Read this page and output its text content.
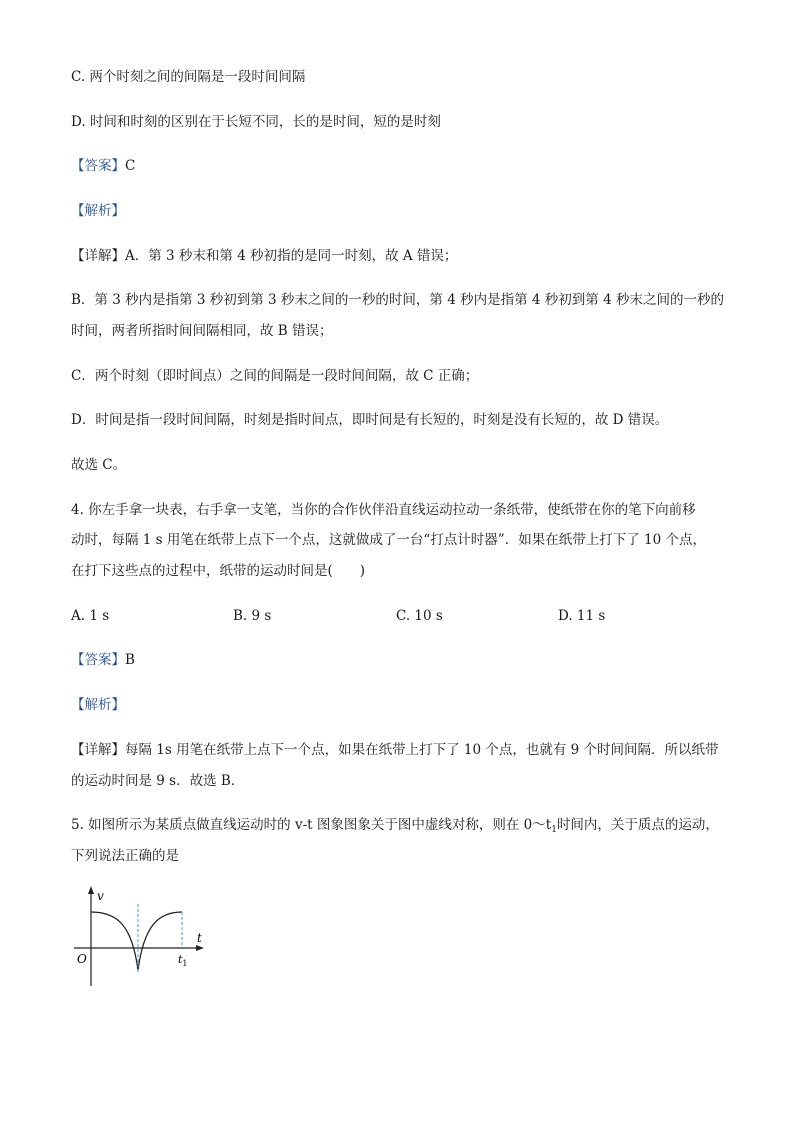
C. 两个时刻之间的间隔是一段时间间隔
D. 时间和时刻的区别在于长短不同，长的是时间，短的是时刻
【答案】C
【解析】
【详解】A．第 3 秒末和第 4 秒初指的是同一时刻，故 A 错误；
B．第 3 秒内是指第 3 秒初到第 3 秒末之间的一秒的时间，第 4 秒内是指第 4 秒初到第 4 秒末之间的一秒的
时间，两者所指时间间隔相同，故 B 错误；
C．两个时刻（即时间点）之间的间隔是一段时间间隔，故 C 正确；
D．时间是指一段时间间隔，时刻是指时间点，即时间是有长短的，时刻是没有长短的，故 D 错误。
故选 C。
4. 你左手拿一块表，右手拿一支笔，当你的合作伙伴沿直线运动拉动一条纸带，使纸带在你的笔下向前移
动时，每隔 1 s 用笔在纸带上点下一个点，这就做成了一台“打点计时器”．如果在纸带上打下了 10 个点，
在打下这些点的过程中，纸带的运动时间是(　　)
A. 1 s	B. 9 s	C. 10 s	D. 11 s
【答案】B
【解析】
【详解】每隔 1s 用笔在纸带上点下一个点，如果在纸带上打下了 10 个点，也就有 9 个时间间隔．所以纸带
的运动时间是 9 s．故选 B．
5. 如图所示为某质点做直线运动时的 v-t 图象图象关于图中虚线对称，则在 $0\sim t_1$时间内，关于质点的运动，
下列说法正确的是
v
t
O	$t_1$
